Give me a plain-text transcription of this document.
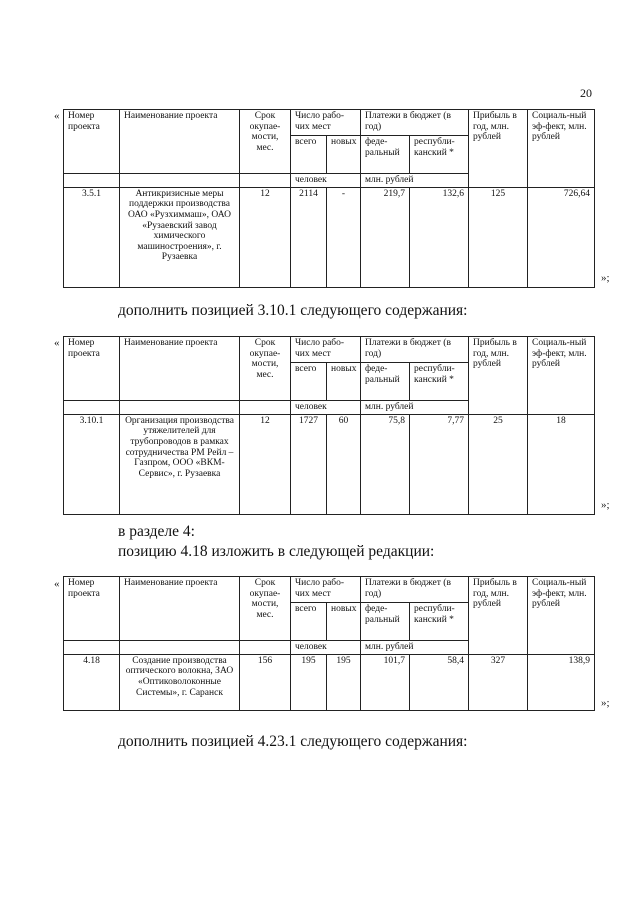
20
« Номер проекта	Наименование проекта	Срок окупае-мости, мес.	Число рабо-чих мест		Платежи в бюджет (в год)		Прибыль в год, млн. рублей	Социаль-ный эф-фект, млн. рублей
			всего	новых	феде-ральный	республи-канский *		

			человек		млн. рублей			
3.5.1	Антикризисные меры поддержки производства ОАО «Рузхиммаш», ОАО «Рузаевский завод химического машиностроения», г. Рузаевка	12	2114	-	219,7	132,6	125	726,64
»;
дополнить позицией 3.10.1 следующего содержания:
« Номер проекта	Наименование проекта	Срок окупае-мости, мес.	Число рабо-чих мест		Платежи в бюджет (в год)		Прибыль в год, млн. рублей	Социаль-ный эф-фект, млн. рублей
			всего	новых	феде-ральный	республи-канский *		

			человек		млн. рублей			
3.10.1	Организация производства утяжелителей для трубопроводов в рамках сотрудничества РМ Рейл – Газпром, ООО «ВКМ-Сервис», г. Рузаевка	12	1727	60	75,8	7,77	25	18
»;
в разделе 4:
позицию 4.18 изложить в следующей редакции:
« Номер проекта	Наименование проекта	Срок окупае-мости, мес.	Число рабо-чих мест		Платежи в бюджет (в год)		Прибыль в год, млн. рублей	Социаль-ный эф-фект, млн. рублей
			всего	новых	феде-ральный	республи-канский *		

			человек		млн. рублей			
4.18	Создание производства оптического волокна, ЗАО «Оптиковолоконные Системы», г. Саранск	156	195	195	101,7	58,4	327	138,9
»;
дополнить позицией 4.23.1 следующего содержания:
